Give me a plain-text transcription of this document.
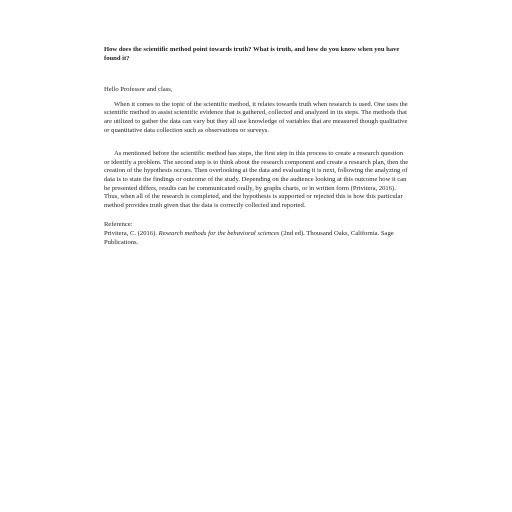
How does the scientific method point towards truth? What is truth, and how do you know when you have found it?

Hello Professor and class,

When it comes to the topic of the scientific method, it relates towards truth when research is used. One uses the scientific method to assist scientific evidence that is gathered, collected and analyzed in its steps. The methods that are utilized to gather the data can vary but they all use knowledge of variables that are measured though qualitative or quantitative data collection such as observations or surveys.

As mentioned before the scientific method has steps, the first step in this process to create a research question or identify a problem. The second step is to think about the research component and create a research plan, then the creation of the hypothesis occurs. Then overlooking at the data and evaluating it is next, following the analyzing of data is to state the findings or outcome of the study. Depending on the audience looking at this outcome how it can be presented differs, results can be communicated orally, by graphs charts, or in written form (Privitera, 2016). Thus, when all of the research is completed, and the hypothesis is supported or rejected this is how this particular method provides truth given that the data is correctly collected and reported.

Reference:

Privitera, C. (2016). Research methods for the behavioral sciences (2nd ed). Thousand Oaks, California. Sage Publications.
